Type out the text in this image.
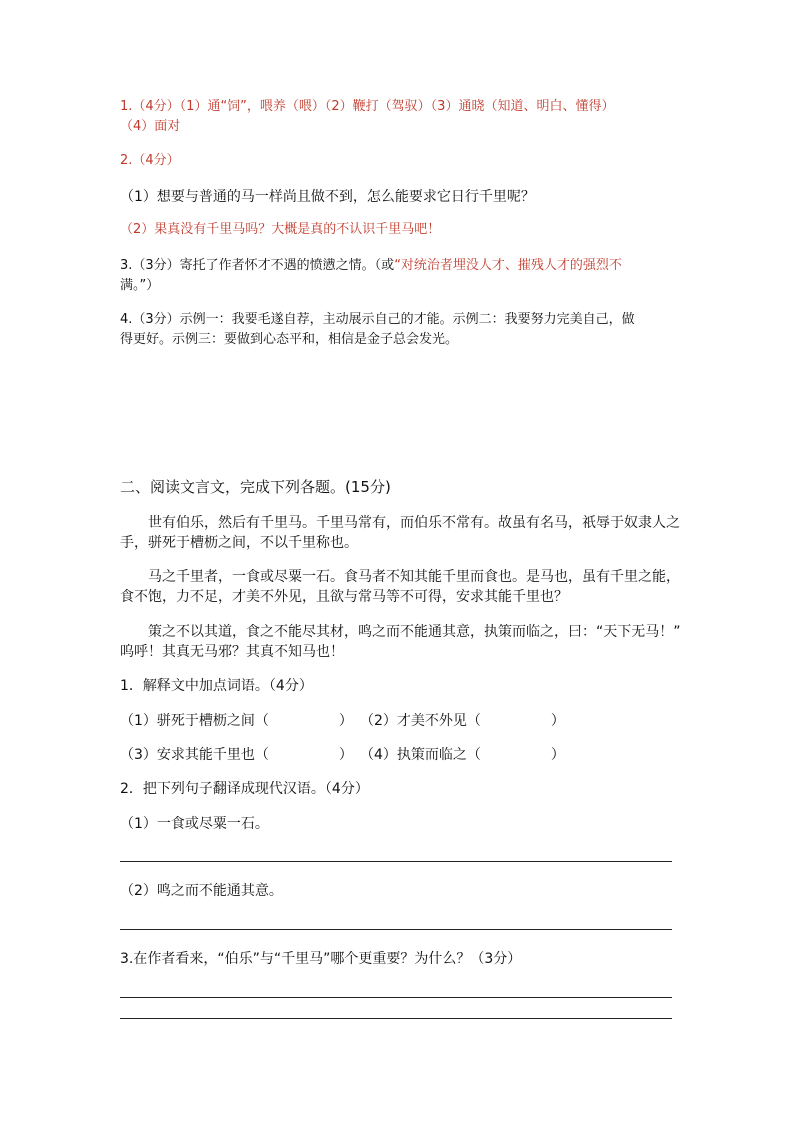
1.（4分）（1）通“饲”，喂养（喂）（2）鞭打（驾驭）（3）通晓（知道、明白、懂得）
（4）面对
2.（4分）
（1）想要与普通的马一样尚且做不到，怎么能要求它日行千里呢？
（2）果真没有千里马吗？大概是真的不认识千里马吧！
3.（3分）寄托了作者怀才不遇的愤懑之情。（或“对统治者埋没人才、摧残人才的强烈不
满。”）
4.（3分）示例一：我要毛遂自荐，主动展示自己的才能。示例二：我要努力完美自己，做
得更好。示例三：要做到心态平和，相信是金子总会发光。
二、阅读文言文，完成下列各题。(15分)
世有伯乐，然后有千里马。千里马常有，而伯乐不常有。故虽有名马，祇辱于奴隶人之
手，骈死于槽枥之间，不以千里称也。
马之千里者，一食或尽粟一石。食马者不知其能千里而食也。是马也，虽有千里之能，
食不饱，力不足，才美不外见，且欲与常马等不可得，安求其能千里也？
策之不以其道，食之不能尽其材，鸣之而不能通其意，执策而临之，曰：“天下无马！”
呜呼！其真无马邪？其真不知马也！
1．解释文中加点词语。（4分）
（1）骈死于槽枥之间（　　　　　） （2）才美不外见（　　　　　）
（3）安求其能千里也（　　　　　） （4）执策而临之（　　　　　）
2．把下列句子翻译成现代汉语。（4分）
（1）一食或尽粟一石。
（2）鸣之而不能通其意。
3.在作者看来，“伯乐”与“千里马”哪个更重要？为什么？（3分）
